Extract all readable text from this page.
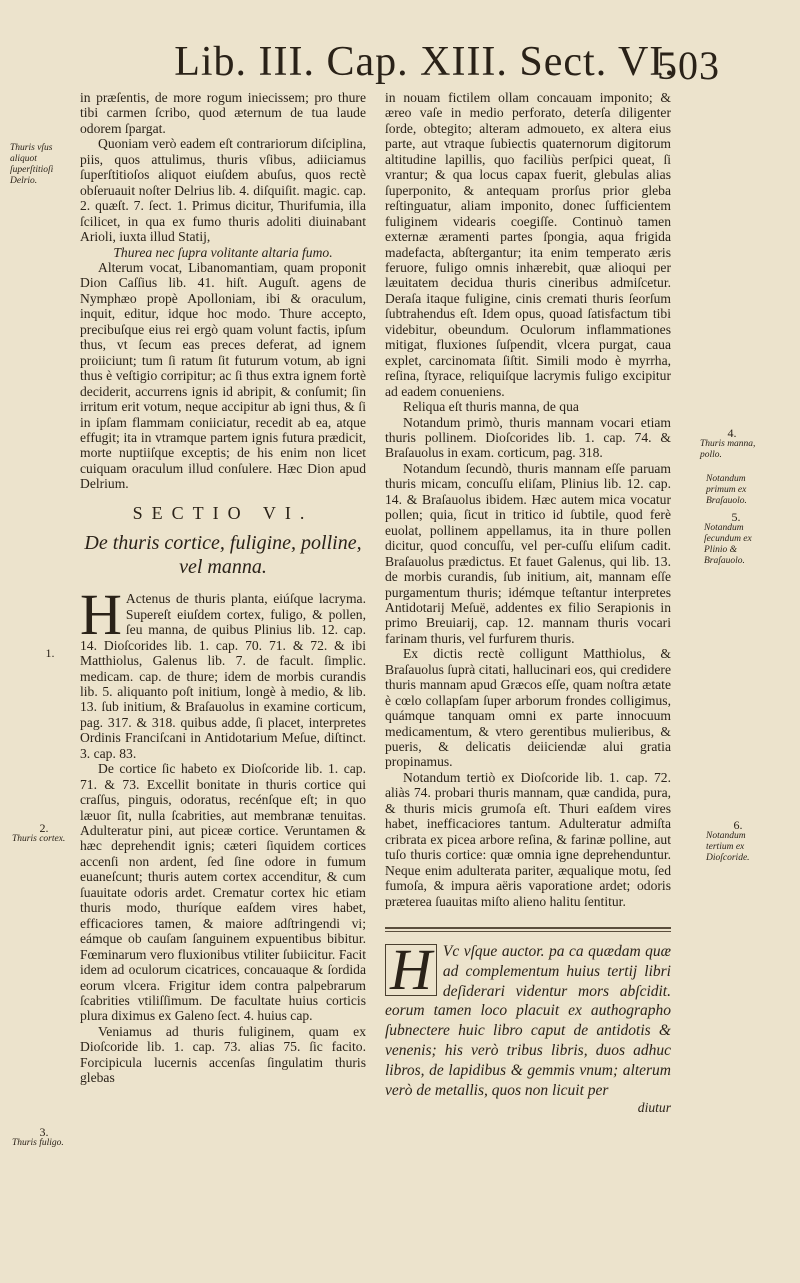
Lib. III. Cap. XIII. Sect. VI.
503
Thuris vſus aliquot ſuperſtitioſi Delrio.
1.
2.
Thuris cortex.
3.
Thuris fuligo.
4.
Thuris manna, pollo.
Notandum primum ex Braſauolo.
5.
Notandum ſecundum ex Plinio & Braſauolo.
6.
Notandum tertium ex Dioſcoride.

in præſentis, de more rogum iniecissem; pro thure tibi carmen ſcribo, quod æternum de tua laude odorem ſpargat.

Quoniam verò eadem eſt contrariorum diſciplina, piis, quos attulimus, thuris vſibus, adiiciamus ſuperſtitioſos aliquot eiuſdem abuſus, quos rectè obſeruauit noſter Delrius lib. 4. diſquiſit. magic. cap. 2. quæſt. 7. ſect. 1. Primus dicitur, Thurifumia, illa ſcilicet, in qua ex fumo thuris adoliti diuinabant Arioli, iuxta illud Statij,

Thurea nec ſupra volitante altaria fumo.

Alterum vocat, Libanomantiam, quam proponit Dion Caſſius lib. 41. hiſt. Auguſt. agens de Nymphæo propè Apolloniam, ibi & oraculum, inquit, editur, idque hoc modo. Thure accepto, precibuſque eius rei ergò quam volunt factis, ipſum thus, vt ſecum eas preces deferat, ad ignem proiiciunt; tum ſi ratum ſit futurum votum, ab igni thus è veſtigio corripitur; ac ſi thus extra ignem fortè deciderit, accurrens ignis id abripit, & conſumit; ſin irritum erit votum, neque accipitur ab igni thus, & ſi in ipſam flammam coniiciatur, recedit ab ea, atque effugit; ita in vtramque partem ignis futura prædicit, morte nuptiiſque exceptis; de his enim non licet cuiquam oraculum illud conſulere. Hæc Dion apud Delrium.

SECTIO VI.
De thuris cortice, fuligine, polline, vel manna.
H Actenus de thuris planta, eiúſque lacryma. Supereſt eiuſdem cortex, fuligo, & pollen, ſeu manna, de quibus Plinius lib. 12. cap. 14. Dioſcorides lib. 1. cap. 70. 71. & 72. & ibi Matthiolus, Galenus lib. 7. de facult. ſimplic. medicam. cap. de thure; idem de morbis curandis lib. 5. aliquanto poſt initium, longè à medio, & lib. 13. ſub initium, & Braſauolus in examine corticum, pag. 317. & 318. quibus adde, ſi placet, interpretes Ordinis Franciſcani in Antidotarium Meſue, diſtinct. 3. cap. 83.

De cortice ſic habeto ex Dioſcoride lib. 1. cap. 71. & 73. Excellit bonitate in thuris cortice qui craſſus, pinguis, odoratus, recénſque eſt; in quo læuor ſit, nulla ſcabrities, aut membranæ tenuitas. Adulteratur pini, aut piceæ cortice. Veruntamen & hæc deprehendit ignis; cæteri ſiquidem cortices accenſi non ardent, ſed ſine odore in fumum euaneſcunt; thuris autem cortex accenditur, & cum ſuauitate odoris ardet. Crematur cortex hic etiam thuris modo, thuríque eaſdem vires habet, efficaciores tamen, & maiore adſtringendi vi; eámque ob cauſam ſanguinem expuentibus bibitur. Fœminarum vero fluxionibus vtiliter ſubiicitur. Facit idem ad oculorum cicatrices, concauaque & ſordida eorum vlcera. Frigitur idem contra palpebrarum ſcabrities vtiliſſimum. De facultate huius corticis plura diximus ex Galeno ſect. 4. huius cap.

Veniamus ad thuris fuliginem, quam ex Dioſcoride lib. 1. cap. 73. alias 75. ſic facito. Forcipicula lucernis accenſas ſingulatim thuris glebas

in nouam fictilem ollam concauam imponito; & æreo vaſe in medio perforato, deterſa diligenter ſorde, obtegito; alteram admoueto, ex altera eius parte, aut vtraque ſubiectis quaternorum digitorum altitudine lapillis, quo faciliùs perſpici queat, ſi vrantur; & qua locus capax fuerit, glebulas alias ſuperponito, & antequam prorſus prior gleba reſtinguatur, aliam imponito, donec ſufficientem fuliginem videaris coegiſſe. Continuò tamen externæ æramenti partes ſpongia, aqua frigida madefacta, abſtergantur; ita enim temperato æris feruore, fuligo omnis inhærebit, quæ alioqui per læuitatem decidua thuris cineribus admiſcetur. Deraſa itaque fuligine, cinis cremati thuris ſeorſum ſubtrahendus eſt. Idem opus, quoad ſatisfactum tibi videbitur, obeundum. Oculorum inflammationes mitigat, fluxiones ſuſpendit, vlcera purgat, caua explet, carcinomata ſiſtit. Simili modo è myrrha, reſina, ſtyrace, reliquiſque lacrymis fuligo excipitur ad eadem conueniens.

Reliqua eſt thuris manna, de qua

Notandum primò, thuris mannam vocari etiam thuris pollinem. Dioſcorides lib. 1. cap. 74. & Braſauolus in exam. corticum, pag. 318.

Notandum ſecundò, thuris mannam eſſe paruam thuris micam, concuſſu eliſam, Plinius lib. 12. cap. 14. & Braſauolus ibidem. Hæc autem mica vocatur pollen; quia, ſicut in tritico id ſubtile, quod ferè euolat, pollinem appellamus, ita in thure pollen dicitur, quod concuſſu, vel per-cuſſu eliſum cadit. Braſauolus prædictus. Et fauet Galenus, qui lib. 13. de morbis curandis, ſub initium, ait, mannam eſſe purgamentum thuris; idémque teſtantur interpretes Antidotarij Meſuë, addentes ex filio Serapionis in primo Breuiarij, cap. 12. mannam thuris vocari farinam thuris, vel furfurem thuris.

Ex dictis rectè colligunt Matthiolus, & Braſauolus ſuprà citati, hallucinari eos, qui credidere thuris mannam apud Græcos eſſe, quam noſtra ætate è cœlo collapſam ſuper arborum frondes colligimus, quámque tanquam omni ex parte innocuum medicamentum, & vtero gerentibus mulieribus, & pueris, & delicatis deiiciendæ alui gratia propinamus.

Notandum tertiò ex Dioſcoride lib. 1. cap. 72. aliàs 74. probari thuris mannam, quæ candida, pura, & thuris micis grumoſa eſt. Thuri eaſdem vires habet, inefficaciores tantum. Adulteratur admiſta cribrata ex picea arbore reſina, & farinæ polline, aut tuſo thuris cortice: quæ omnia igne deprehenduntur. Neque enim adulterata pariter, æqualique motu, ſed fumoſa, & impura aëris vaporatione ardet; odoris præterea ſuauitas miſto alieno halitu ſentitur.

H Vc vſque auctor. pa ca quædam quæ ad complementum huius tertij libri deſiderari videntur mors abſcidit. eorum tamen loco placuit ex authographo ſubnectere huic libro caput de antidotis & venenis; his verò tribus libris, duos adhuc libros, de lapidibus & gemmis vnum; alterum verò de metallis, quos non licuit per
diutur
